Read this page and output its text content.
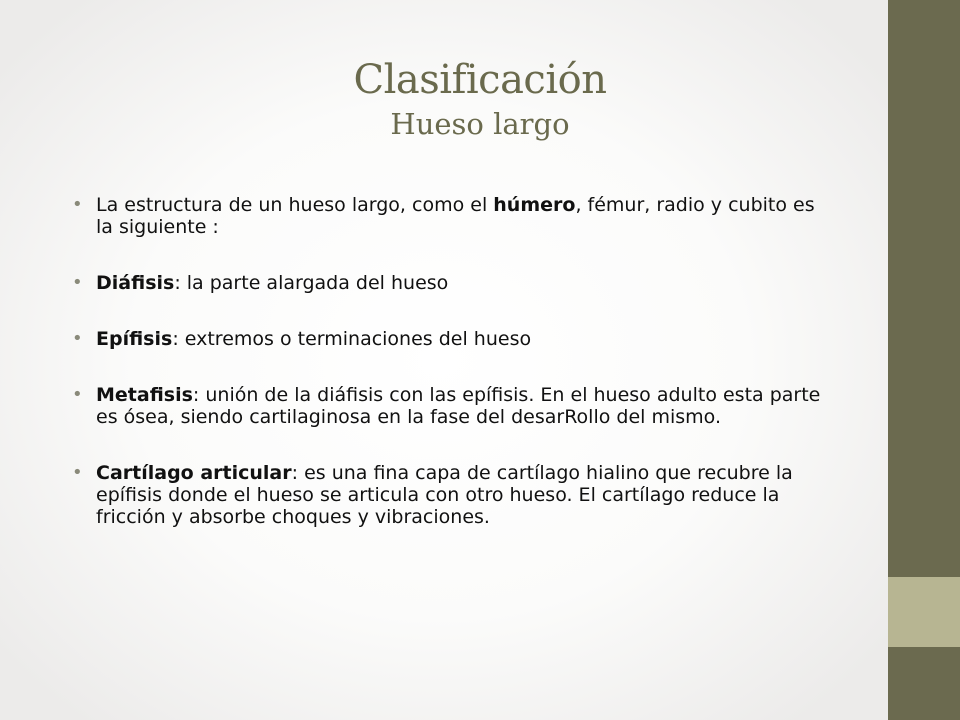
Clasificación
Hueso largo
• La estructura de un hueso largo, como el húmero, fémur, radio y cubito es la siguiente :
• Diáfisis: la parte alargada del hueso
• Epífisis: extremos o terminaciones del hueso
• Metafisis: unión de la diáfisis con las epífisis. En el hueso adulto esta parte es ósea, siendo cartilaginosa en la fase del desarRollo del mismo.
• Cartílago articular: es una fina capa de cartílago hialino que recubre la epífisis donde el hueso se articula con otro hueso. El cartílago reduce la fricción y absorbe choques y vibraciones.
